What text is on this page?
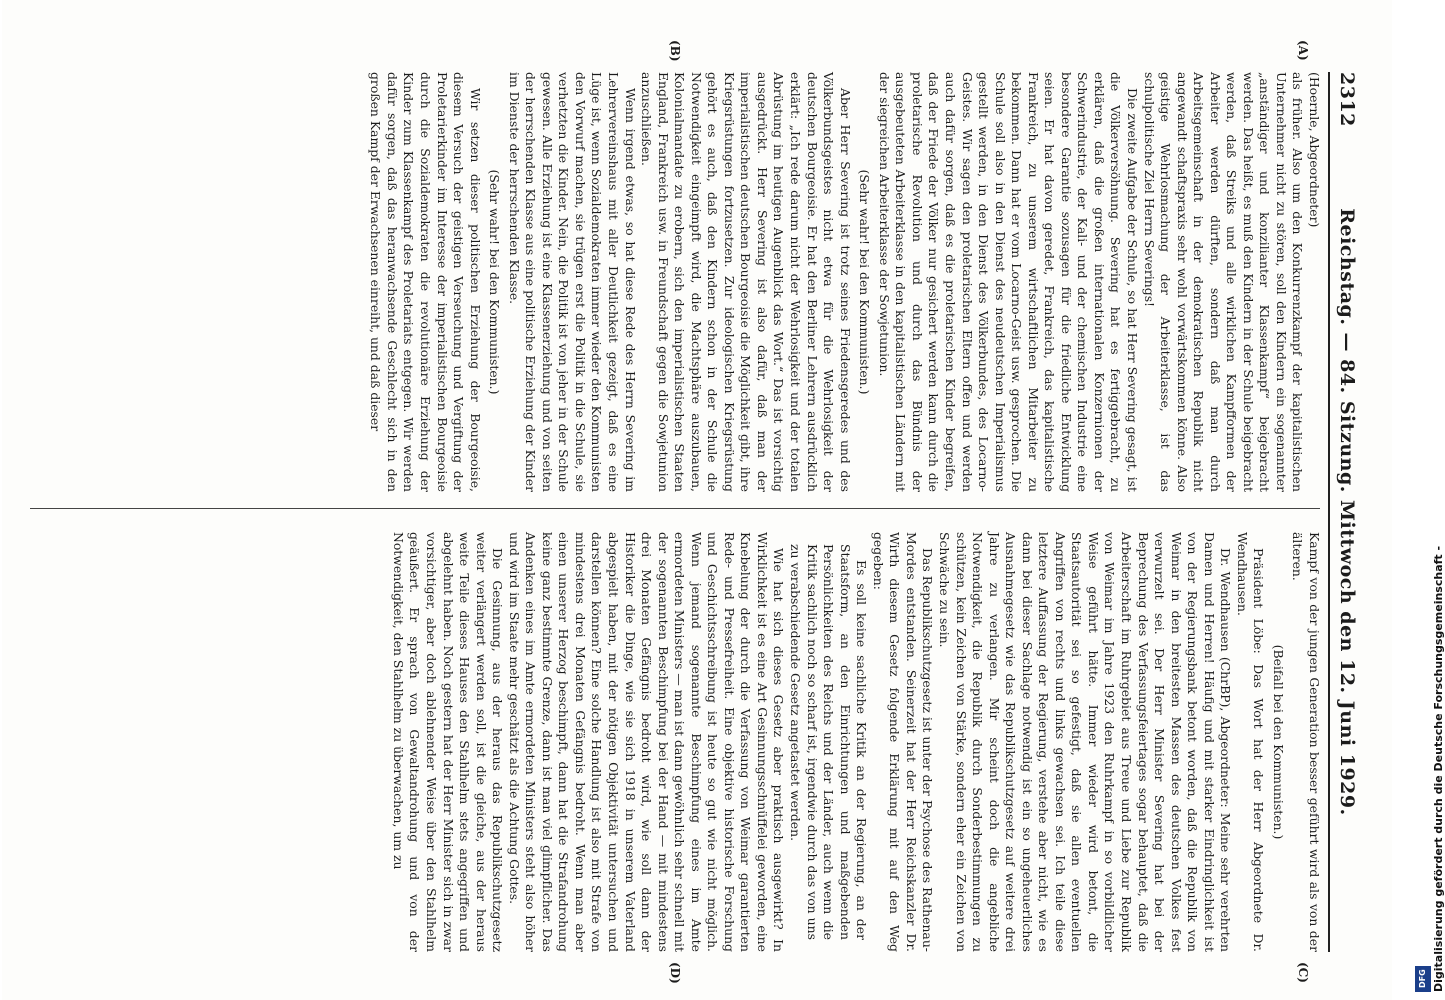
2312
Reichstag. — 84. Sitzung. Mittwoch den 12. Juni 1929.
(A)
(B)
(C)
(D)

(Hoernle, Abgeordneter)

als früher. Also um den Konkurrenzkampf der kapitalistischen Unternehmer nicht zu stören, soll den Kindern ein sogenannter „anständiger und konzilianter Klassenkampf“ beigebracht werden. Das heißt, es muß den Kindern in der Schule beigebracht werden, daß Streiks und alle wirklichen Kampfformen der Arbeiter werden dürften, sondern daß man durch Arbeitsgemeinschaft in der demokratischen Republik nicht angewandt schaftspraxis sehr wohl vorwärtskommen könne. Also geistige Wehrlosmachung der Arbeiterklasse, ist das schulpolitische Ziel Herrn Severings!

Die zweite Aufgabe der Schule, so hat Herr Severing gesagt, ist die Völkerversöhnung. Severing hat es fertiggebracht, zu erklären, daß die großen internationalen Konzernionen der Schwerindustrie, der Kali- und der chemischen Industrie eine besondere Garantie sozusagen für die friedliche Entwicklung seien. Er hat davon geredet, Frankreich, das kapitalistische Frankreich, zu unserem wirtschaftlichen Mitarbeiter zu bekommen. Dann hat er vom Locarno-Geist usw. gesprochen. Die Schule soll also in den Dienst des neudeutschen Imperialismus gestellt werden, in den Dienst des Völkerbundes, des Locarno-Geistes. Wir sagen den proletarischen Eltern offen und werden auch dafür sorgen, daß es die proletarischen Kinder begreifen, daß der Friede der Völker nur gesichert werden kann durch die proletarische Revolution und durch das Bündnis der ausgebeuteten Arbeiterklasse in den kapitalistischen Ländern mit der siegreichen Arbeiterklasse der Sowjetunion.

(Sehr wahr! bei den Kommunisten.)

Aber Herr Severing ist trotz seines Friedensgeredes und des Völkerbundsgeistes nicht etwa für die Wehrlosigkeit der deutschen Bourgeoisie. Er hat den Berliner Lehrern ausdrücklich erklärt: „Ich rede darum nicht der Wehrlosigkeit und der totalen Abrüstung im heutigen Augenblick das Wort.“ Das ist vorsichtig ausgedrückt. Herr Severing ist also dafür, daß man der imperialistischen deutschen Bourgeoisie die Möglichkeit gibt, ihre Kriegsrüstungen fortzusetzen. Zur ideologischen Kriegsrüstung gehört es auch, daß den Kindern schon in der Schule die Notwendigkeit eingeimpft wird, die Machtsphäre auszubauen, Kolonialmandate zu erobern, sich den imperialistischen Staaten England, Frankreich usw. in Freundschaft gegen die Sowjetunion anzuschließen.

Wenn irgend etwas, so hat diese Rede des Herrn Severing im Lehrervereinshaus mit aller Deutlichkeit gezeigt, daß es eine Lüge ist, wenn Sozialdemokraten immer wieder den Kommunisten den Vorwurf machen, sie trügen erst die Politik in die Schule, sie verhetzten die Kinder. Nein, die Politik ist von jeher in der Schule gewesen. Alle Erziehung ist eine Klassenerziehung und von seiten der herrschenden Klasse aus eine politische Erziehung der Kinder im Dienste der herrschenden Klasse.

(Sehr wahr! bei den Kommunisten.)

Wir setzen dieser politischen Erziehung der Bourgeoisie, diesem Versuch der geistigen Verseuchung und Vergiftung der Proletarierkinder im Interesse der imperialistischen Bourgeoisie durch die Sozialdemokraten die revolutionäre Erziehung der Kinder zum Klassenkampf des Proletariats entgegen. Wir werden dafür sorgen, daß das heranwachsende Geschlecht sich in den großen Kampf der Erwachsenen einreiht, und daß dieser

Kampf von der jungen Generation besser geführt wird als von der älteren.

(Beifall bei den Kommunisten.)

Präsident Löbe: Das Wort hat der Herr Abgeordnete Dr. Wendhausen.

Dr. Wendhausen (ChrBP), Abgeordneter: Meine sehr verehrten Damen und Herren! Häufig und mit starker Eindringlichkeit ist von der Regierungsbank betont worden, daß die Republik von Weimar in den breitesten Massen des deutschen Volkes fest verwurzelt sei. Der Herr Minister Severing hat bei der Beprechung des Verfassungsfeiertages sogar behauptet, daß die Arbeiterschaft im Ruhrgebiet aus Treue und Liebe zur Republik von Weimar im Jahre 1923 den Ruhrkampf in so vorbildlicher Weise geführt hätte. Immer wieder wird betont, die Staatsautorität sei so gefestigt, daß sie allen eventuellen Angriffen von rechts und links gewachsen sei. Ich teile diese letztere Auffassung der Regierung, verstehe aber nicht, wie es dann bei dieser Sachlage notwendig ist ein so ungeheuerliches Ausnahmegesetz wie das Republikschutzgesetz auf weitere drei Jahre zu verlangen. Mir scheint doch die angebliche Notwendigkeit, die Republik durch Sonderbestimmungen zu schützen, kein Zeichen von Stärke, sondern eher ein Zeichen von Schwäche zu sein.

Das Republikschutzgesetz ist unter der Psychose des Rathenau-Mordes entstanden. Seinerzeit hat der Herr Reichskanzler Dr. Wirth diesem Gesetz folgende Erklärung mit auf den Weg gegeben:

Es soll keine sachliche Kritik an der Regierung, an der Staatsform, an den Einrichtungen und maßgebenden Persönlichkeiten des Reichs und der Länder, auch wenn die Kritik sachlich noch so scharf ist, irgendwie durch das von uns zu verabschiedende Gesetz angetastet werden.

Wie hat sich dieses Gesetz aber praktisch ausgewirkt? In Wirklichkeit ist es eine Art Gesinnungsschnüffelei geworden, eine Knebelung der durch die Verfassung von Weimar garantierten Rede- und Pressefreiheit. Eine objektive historische Forschung und Geschichtsschreibung ist heute so gut wie nicht möglich. Wenn jemand sogenannte Beschimpfung eines im Amte ermordeten Ministers — man ist dann gewöhnlich sehr schnell mit der sogenannten Beschimpfung bei der Hand — mit mindestens drei Monaten Gefängnis bedroht wird, wie soll dann der Historiker die Dinge, wie sie sich 1918 in unserem Vaterland abgespielt haben, mit der nötigen Objektivität untersuchen und darstellen können? Eine solche Handlung ist also mit Strafe von mindestens drei Monaten Gefängnis bedroht. Wenn man aber einen unserer Herzog beschimpft, dann hat die Strafandrohung keine ganz bestimmte Grenze, dann ist man viel glimpflicher. Das Andenken eines im Amte ermordeten Ministers steht also höher und wird im Staate mehr geschätzt als die Achtung Gottes.

Die Gesinnung, aus der heraus das Republikschutzgesetz weiter verlängert werden soll, ist die gleiche, aus der heraus weite Teile dieses Hauses den Stahlhelm stets angegriffen und abgelehnt haben. Noch gestern hat der Herr Minister sich in zwar vorsichtiger, aber doch ablehnender Weise über den Stahlhelm geäußert. Er sprach von Gewaltandrohung und von der Notwendigkeit, den Stahlhelm zu überwachen, um zu	Digitalisierung gefördert durch die Deutsche Forschungsgemeinschaft -
DFG
